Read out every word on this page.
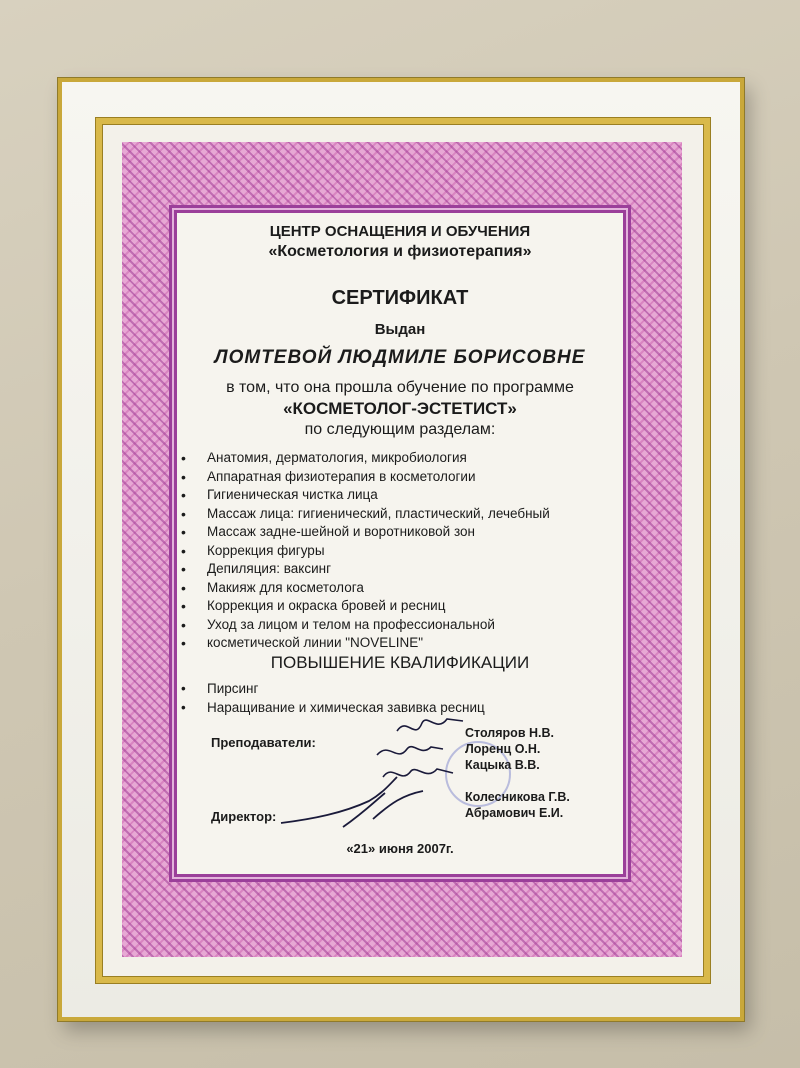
ЦЕНТР ОСНАЩЕНИЯ И ОБУЧЕНИЯ
«Косметология и физиотерапия»
СЕРТИФИКАТ
Выдан
ЛОМТЕВОЙ ЛЮДМИЛЕ БОРИСОВНЕ
в том, что она прошла обучение по программе
«КОСМЕТОЛОГ-ЭСТЕТИСТ»
по следующим разделам:
• Анатомия, дерматология, микробиология
• Аппаратная физиотерапия в косметологии
• Гигиеническая чистка лица
• Массаж лица: гигиенический, пластический, лечебный
• Массаж задне-шейной и воротниковой зон
• Коррекция фигуры
• Депиляция: ваксинг
• Макияж для косметолога
• Коррекция и окраска бровей и ресниц
• Уход за лицом и телом на профессиональной
• косметической линии "NOVELINE"
ПОВЫШЕНИЕ КВАЛИФИКАЦИИ
• Пирсинг
• Наращивание и химическая завивка ресниц
Преподаватели:
Директор:
Столяров Н.В.
Лоренц О.Н.
Кацыка В.В.
Колесникова Г.В.
Абрамович Е.И.
«21» июня 2007г.
